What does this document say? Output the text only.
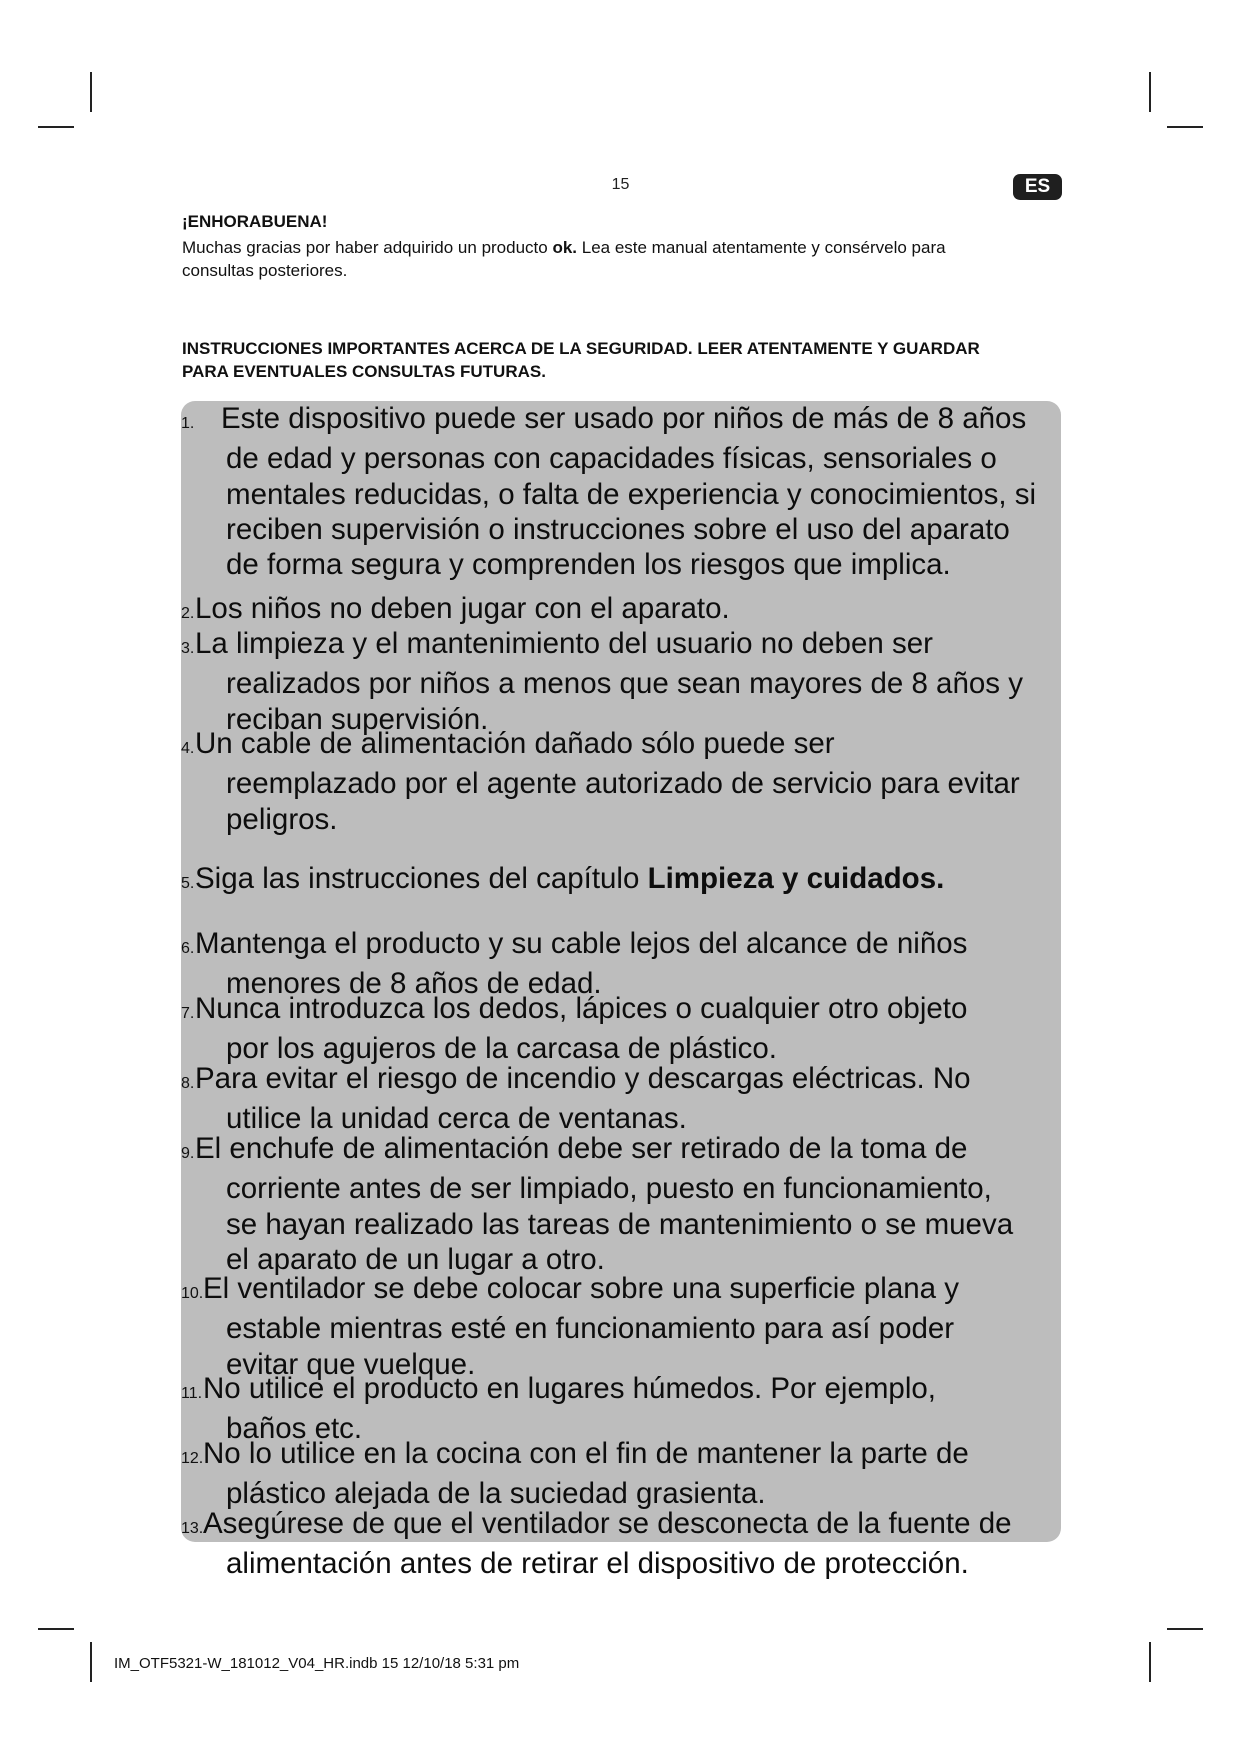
15	ES
¡ENHORABUENA!
Muchas gracias por haber adquirido un producto ok. Lea este manual atentamente y consérvelo para
consultas posteriores.
INSTRUCCIONES IMPORTANTES ACERCA DE LA SEGURIDAD. LEER ATENTAMENTE Y GUARDAR
PARA EVENTUALES CONSULTAS FUTURAS.
1. Este dispositivo puede ser usado por niños de más de 8 años
de edad y personas con capacidades físicas, sensoriales o
mentales reducidas, o falta de experiencia y conocimientos, si
reciben supervisión o instrucciones sobre el uso del aparato
de forma segura y comprenden los riesgos que implica.
2.Los niños no deben jugar con el aparato.
3.La limpieza y el mantenimiento del usuario no deben ser
realizados por niños a menos que sean mayores de 8 años y
reciban supervisión.
4.Un cable de alimentación dañado sólo puede ser
reemplazado por el agente autorizado de servicio para evitar
peligros.
5.Siga las instrucciones del capítulo Limpieza y cuidados.
6.Mantenga el producto y su cable lejos del alcance de niños
menores de 8 años de edad.
7.Nunca introduzca los dedos, lápices o cualquier otro objeto
por los agujeros de la carcasa de plástico.
8.Para evitar el riesgo de incendio y descargas eléctricas. No
utilice la unidad cerca de ventanas.
9.El enchufe de alimentación debe ser retirado de la toma de
corriente antes de ser limpiado, puesto en funcionamiento,
se hayan realizado las tareas de mantenimiento o se mueva
el aparato de un lugar a otro.
10.El ventilador se debe colocar sobre una superficie plana y
estable mientras esté en funcionamiento para así poder
evitar que vuelque.
11.No utilice el producto en lugares húmedos. Por ejemplo,
baños etc.
12.No lo utilice en la cocina con el fin de mantener la parte de
plástico alejada de la suciedad grasienta.
13.Asegúrese de que el ventilador se desconecta de la fuente de
alimentación antes de retirar el dispositivo de protección.
IM_OTF5321-W_181012_V04_HR.indb 15 12/10/18 5:31 pm
